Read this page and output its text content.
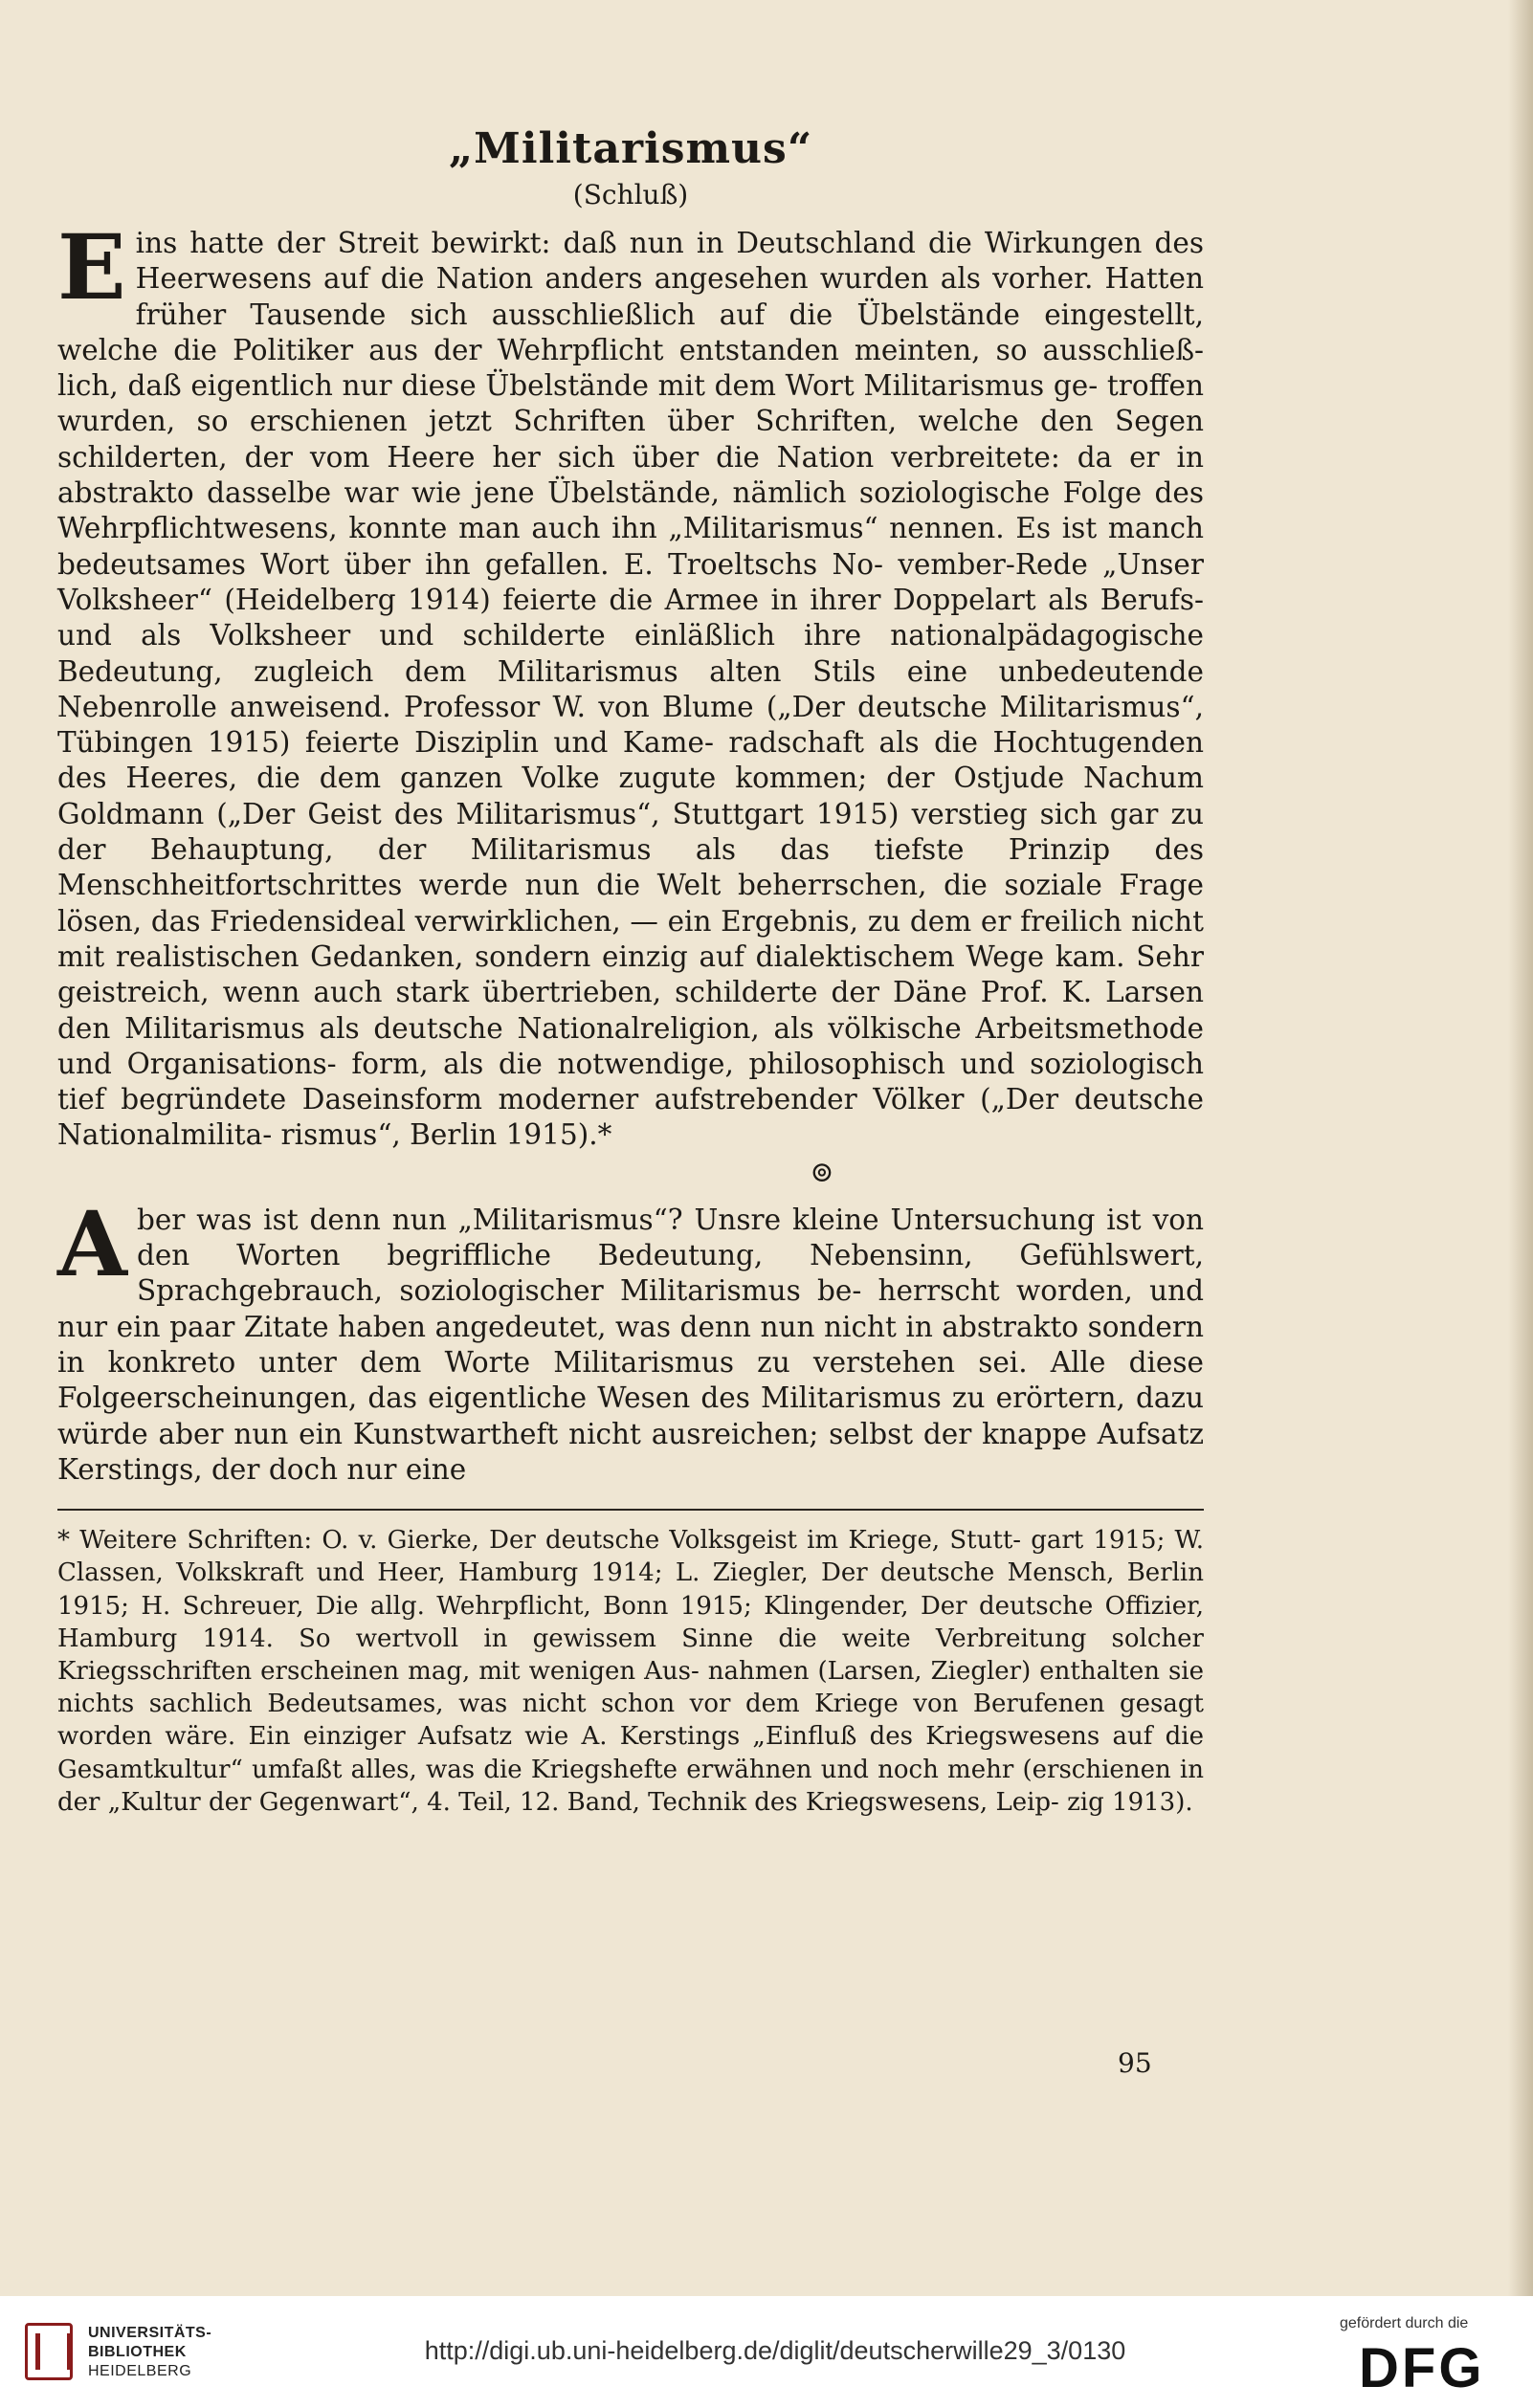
„Militarismus“
(Schluß)

Eins hatte der Streit bewirkt: daß nun in Deutschland die Wirkungen des Heerwesens auf die Nation anders angesehen wurden als vorher. Hatten früher Tausende sich ausschließlich auf die Übelstände eingestellt, welche die Politiker aus der Wehrpflicht entstanden meinten, so ausschließ- lich, daß eigentlich nur diese Übelstände mit dem Wort Militarismus ge- troffen wurden, so erschienen jetzt Schriften über Schriften, welche den Segen schilderten, der vom Heere her sich über die Nation verbreitete: da er in abstrakto dasselbe war wie jene Übelstände, nämlich soziologische Folge des Wehrpflichtwesens, konnte man auch ihn „Militarismus“ nennen. Es ist manch bedeutsames Wort über ihn gefallen. E. Troeltschs No- vember-Rede „Unser Volksheer“ (Heidelberg 1914) feierte die Armee in ihrer Doppelart als Berufs- und als Volksheer und schilderte einläßlich ihre nationalpädagogische Bedeutung, zugleich dem Militarismus alten Stils eine unbedeutende Nebenrolle anweisend. Professor W. von Blume („Der deutsche Militarismus“, Tübingen 1915) feierte Disziplin und Kame- radschaft als die Hochtugenden des Heeres, die dem ganzen Volke zugute kommen; der Ostjude Nachum Goldmann („Der Geist des Militarismus“, Stuttgart 1915) verstieg sich gar zu der Behauptung, der Militarismus als das tiefste Prinzip des Menschheitfortschrittes werde nun die Welt beherrschen, die soziale Frage lösen, das Friedensideal verwirklichen, — ein Ergebnis, zu dem er freilich nicht mit realistischen Gedanken, sondern einzig auf dialektischem Wege kam. Sehr geistreich, wenn auch stark übertrieben, schilderte der Däne Prof. K. Larsen den Militarismus als deutsche Nationalreligion, als völkische Arbeitsmethode und Organisations- form, als die notwendige, philosophisch und soziologisch tief begründete Daseinsform moderner aufstrebender Völker („Der deutsche Nationalmilita- rismus“, Berlin 1915).*

⊚

Aber was ist denn nun „Militarismus“? Unsre kleine Untersuchung ist von den Worten begriffliche Bedeutung, Nebensinn, Gefühlswert, Sprachgebrauch, soziologischer Militarismus be- herrscht worden, und nur ein paar Zitate haben angedeutet, was denn nun nicht in abstrakto sondern in konkreto unter dem Worte Militarismus zu verstehen sei. Alle diese Folgeerscheinungen, das eigentliche Wesen des Militarismus zu erörtern, dazu würde aber nun ein Kunstwartheft nicht ausreichen; selbst der knappe Aufsatz Kerstings, der doch nur eine

* Weitere Schriften: O. v. Gierke, Der deutsche Volksgeist im Kriege, Stutt- gart 1915; W. Classen, Volkskraft und Heer, Hamburg 1914; L. Ziegler, Der deutsche Mensch, Berlin 1915; H. Schreuer, Die allg. Wehrpflicht, Bonn 1915; Klingender, Der deutsche Offizier, Hamburg 1914. So wertvoll in gewissem Sinne die weite Verbreitung solcher Kriegsschriften erscheinen mag, mit wenigen Aus- nahmen (Larsen, Ziegler) enthalten sie nichts sachlich Bedeutsames, was nicht schon vor dem Kriege von Berufenen gesagt worden wäre. Ein einziger Aufsatz wie A. Kerstings „Einfluß des Kriegswesens auf die Gesamtkultur“ umfaßt alles, was die Kriegshefte erwähnen und noch mehr (erschienen in der „Kultur der Gegenwart“, 4. Teil, 12. Band, Technik des Kriegswesens, Leip- zig 1913).

95
UNIVERSITÄTS-
BIBLIOTHEK
HEIDELBERG
http://digi.ub.uni-heidelberg.de/diglit/deutscherwille29_3/0130
gefördert durch die
DFG
